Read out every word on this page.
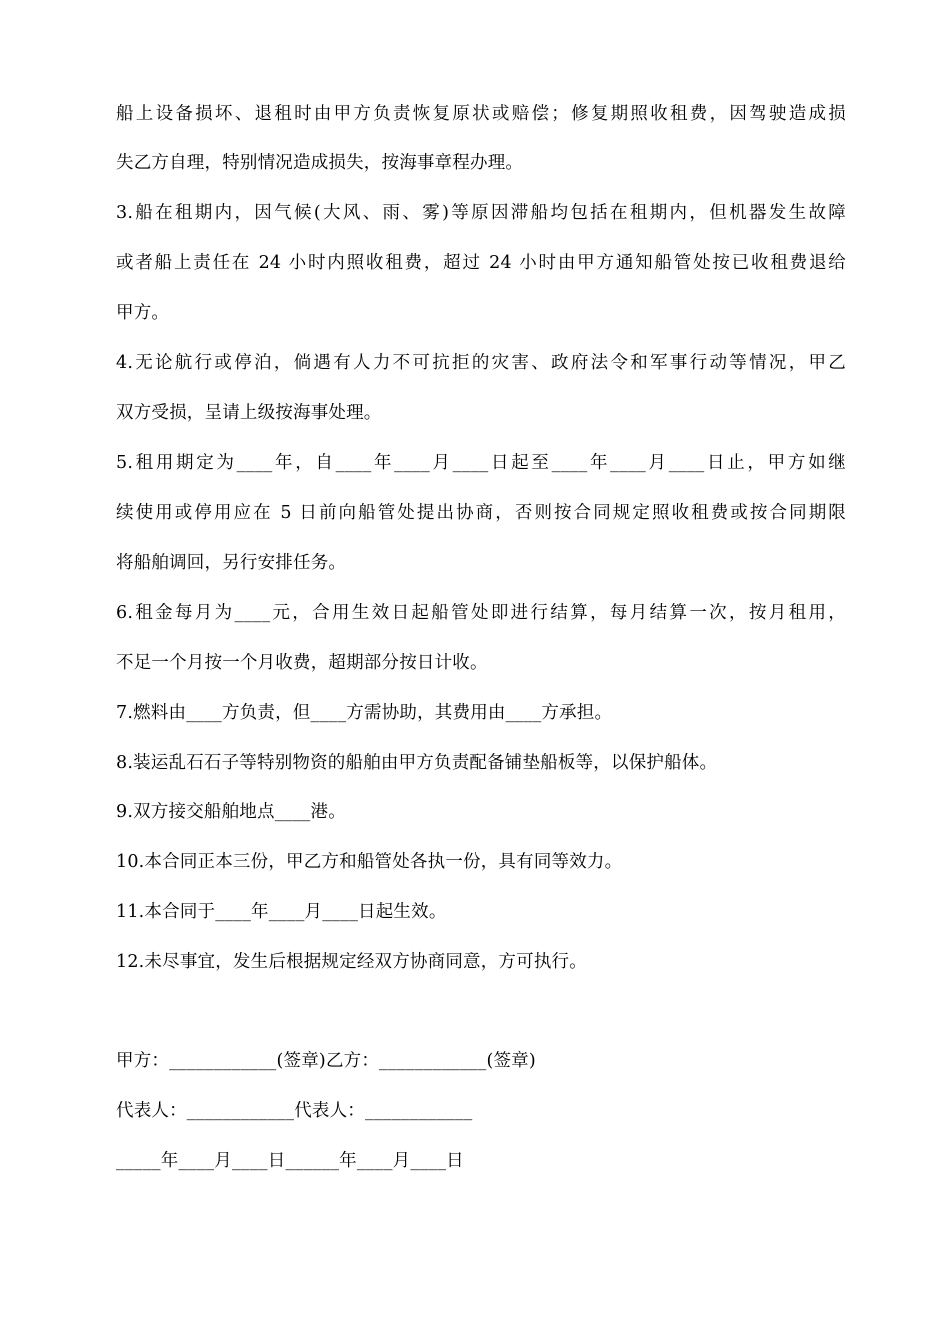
船上设备损坏、退租时由甲方负责恢复原状或赔偿；修复期照收租费，因驾驶造成损
失乙方自理，特别情况造成损失，按海事章程办理。
3.船在租期内，因气候(大风、雨、雾)等原因滞船均包括在租期内，但机器发生故障
或者船上责任在 24 小时内照收租费，超过 24 小时由甲方通知船管处按已收租费退给
甲方。
4.无论航行或停泊，倘遇有人力不可抗拒的灾害、政府法令和军事行动等情况，甲乙
双方受损，呈请上级按海事处理。
5.租用期定为____年，自____年____月____日起至____年____月____日止，甲方如继
续使用或停用应在 5 日前向船管处提出协商，否则按合同规定照收租费或按合同期限
将船舶调回，另行安排任务。
6.租金每月为____元，合用生效日起船管处即进行结算，每月结算一次，按月租用，
不足一个月按一个月收费，超期部分按日计收。
7.燃料由____方负责，但____方需协助，其费用由____方承担。
8.装运乱石石子等特别物资的船舶由甲方负责配备铺垫船板等，以保护船体。
9.双方接交船舶地点____港。
10.本合同正本三份，甲乙方和船管处各执一份，具有同等效力。
11.本合同于____年____月____日起生效。
12.未尽事宜，发生后根据规定经双方协商同意，方可执行。
甲方：____________(签章)乙方：____________(签章)
代表人：____________代表人：____________
_____年____月____日______年____月____日
